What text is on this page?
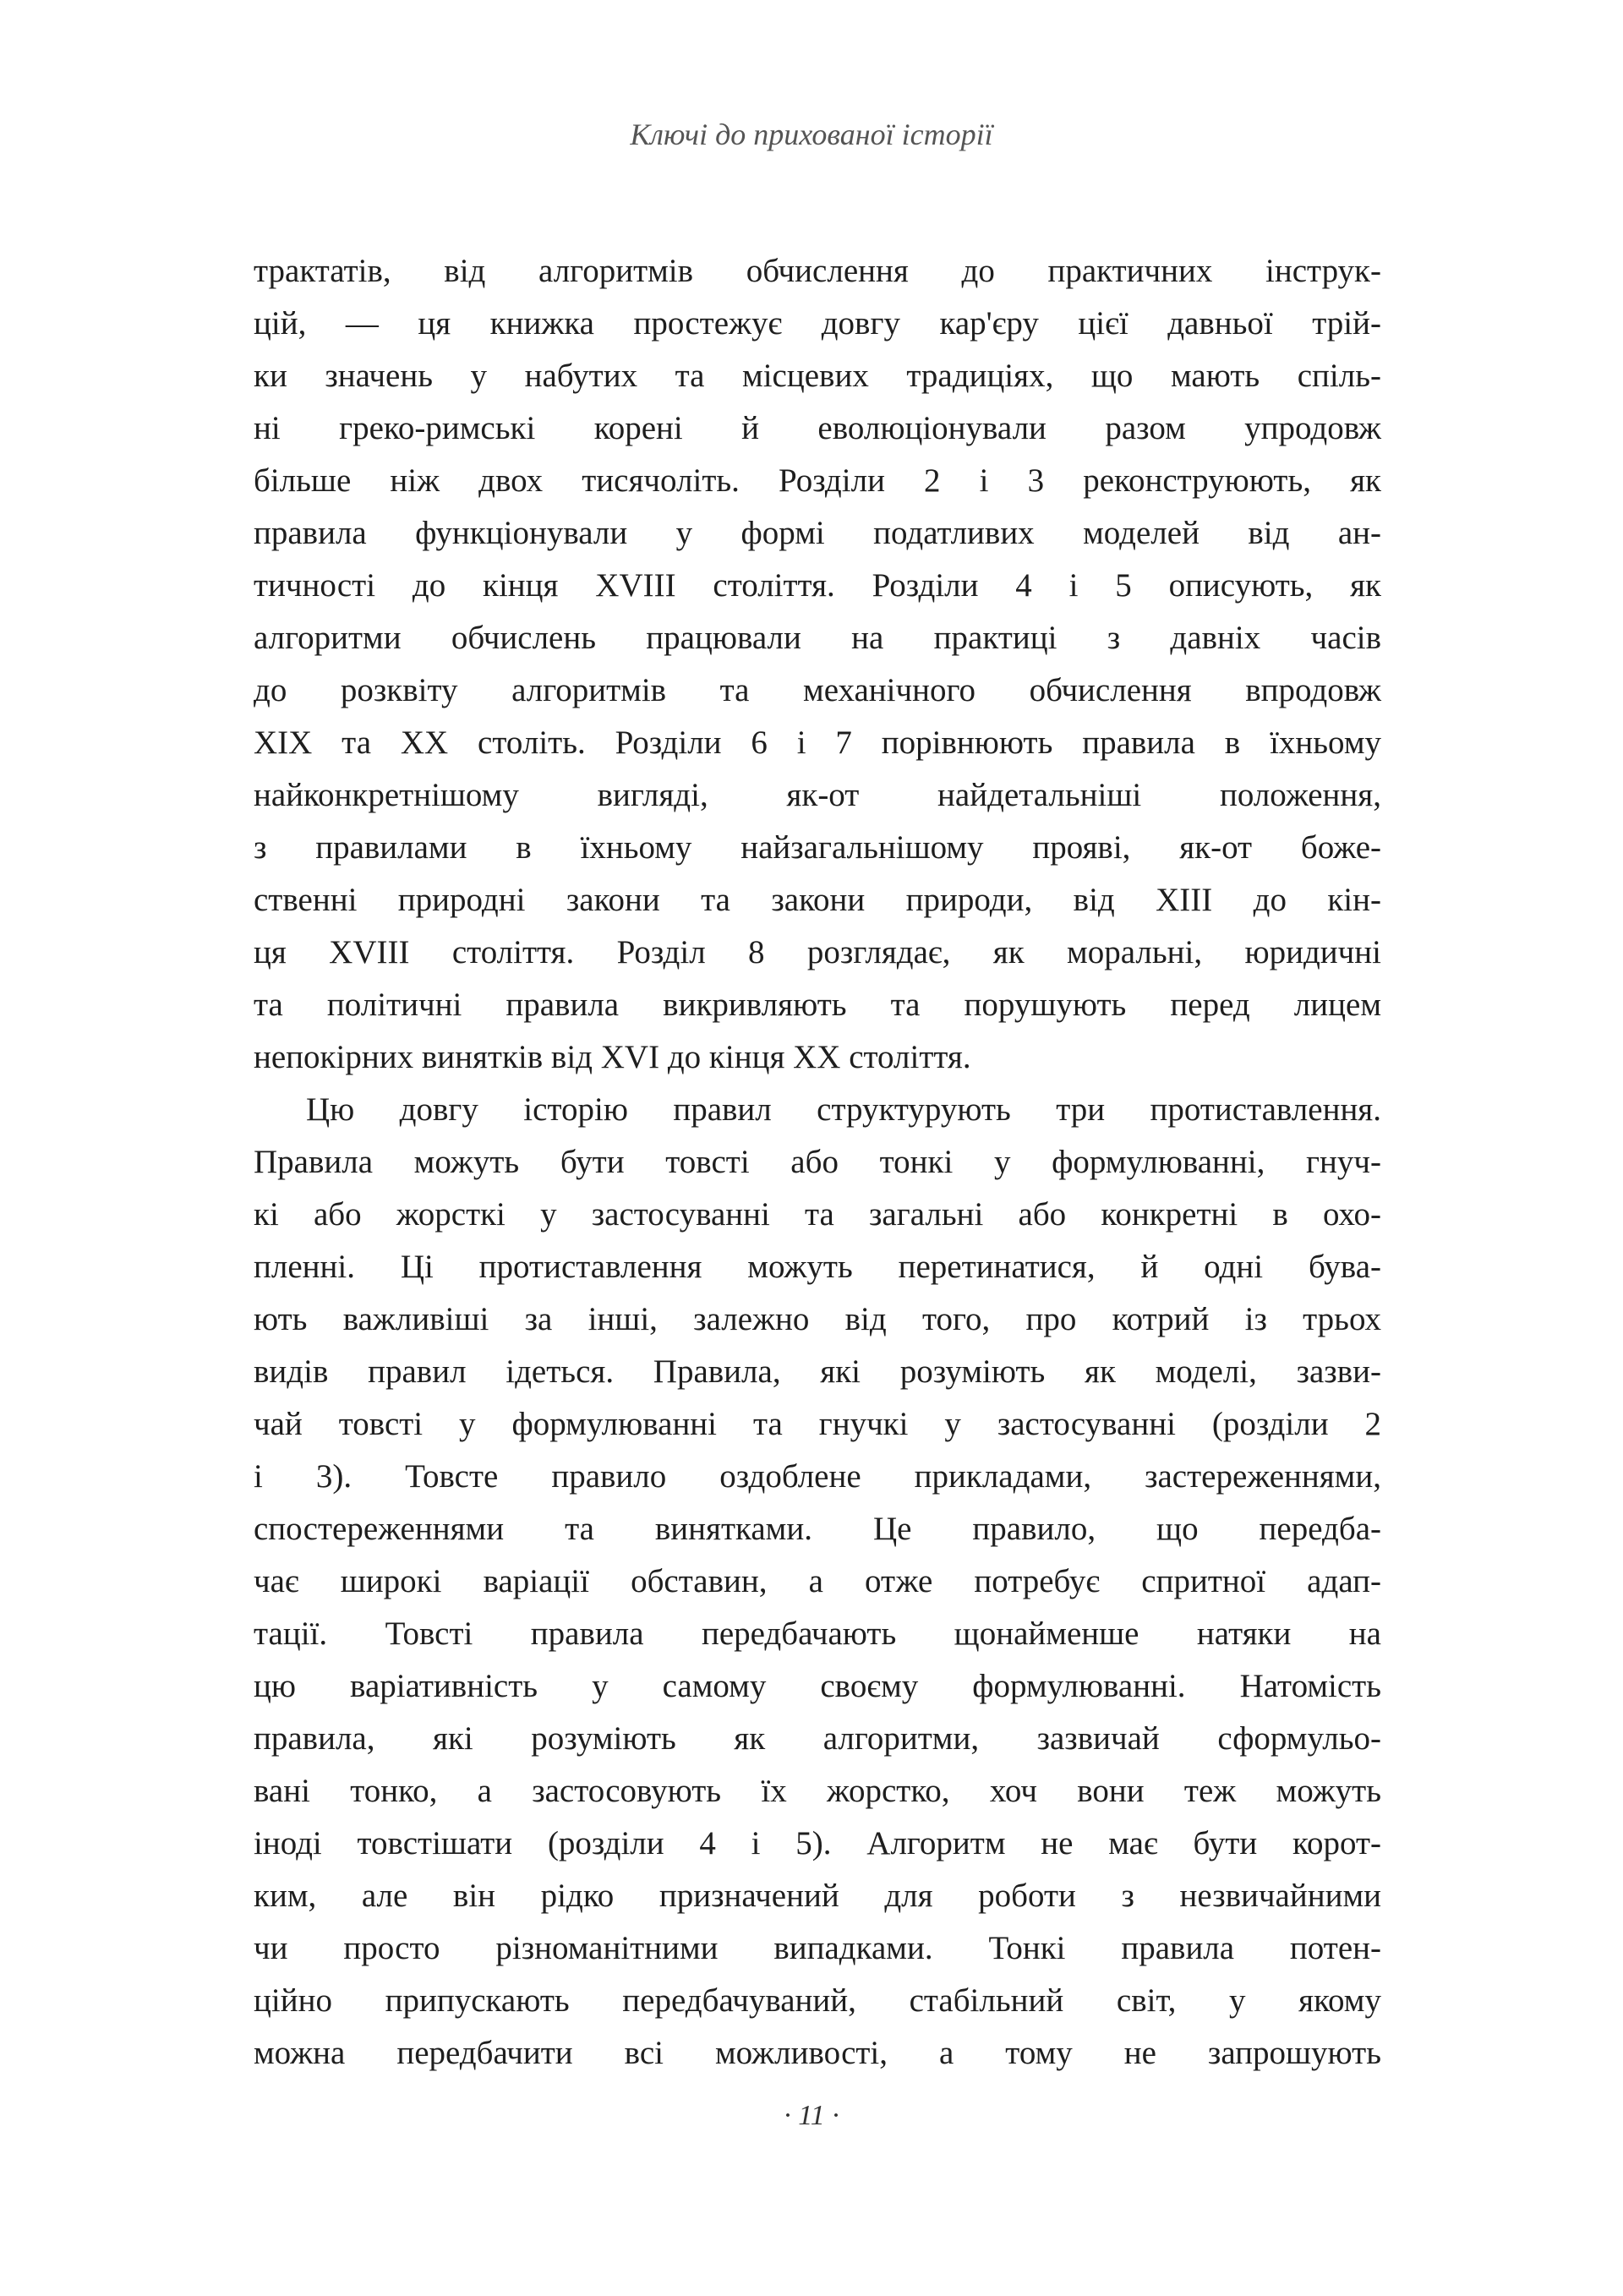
Ключі до прихованої історії
трактатів, від алгоритмів обчислення до практичних інструк-
цій, — ця книжка простежує довгу кар'єру цієї давньої трій-
ки значень у набутих та місцевих традиціях, що мають спіль-
ні греко-римські корені й еволюціонували разом упродовж
більше ніж двох тисячоліть. Розділи 2 і 3 реконструюють, як
правила функціонували у формі податливих моделей від ан-
тичності до кінця XVIII століття. Розділи 4 і 5 описують, як
алгоритми обчислень працювали на практиці з давніх часів
до розквіту алгоритмів та механічного обчислення впродовж
XIX та XX століть. Розділи 6 і 7 порівнюють правила в їхньому
найконкретнішому вигляді, як-от найдетальніші положення,
з правилами в їхньому найзагальнішому прояві, як-от боже-
ственні природні закони та закони природи, від XIII до кін-
ця XVIII століття. Розділ 8 розглядає, як моральні, юридичні
та політичні правила викривляють та порушують перед лицем
непокірних винятків від XVI до кінця XX століття.
Цю довгу історію правил структурують три протиставлення.
Правила можуть бути товсті або тонкі у формулюванні, гнуч-
кі або жорсткі у застосуванні та загальні або конкретні в охо-
пленні. Ці протиставлення можуть перетинатися, й одні бува-
ють важливіші за інші, залежно від того, про котрий із трьох
видів правил ідеться. Правила, які розуміють як моделі, зазви-
чай товсті у формулюванні та гнучкі у застосуванні (розділи 2
і 3). Товсте правило оздоблене прикладами, застереженнями,
спостереженнями та винятками. Це правило, що передба-
чає широкі варіації обставин, а отже потребує спритної адап-
тації. Товсті правила передбачають щонайменше натяки на
цю варіативність у самому своєму формулюванні. Натомість
правила, які розуміють як алгоритми, зазвичай сформульо-
вані тонко, а застосовують їх жорстко, хоч вони теж можуть
іноді товстішати (розділи 4 і 5). Алгоритм не має бути корот-
ким, але він рідко призначений для роботи з незвичайними
чи просто різноманітними випадками. Тонкі правила потен-
ційно припускають передбачуваний, стабільний світ, у якому
можна передбачити всі можливості, а тому не запрошують
· 11 ·
